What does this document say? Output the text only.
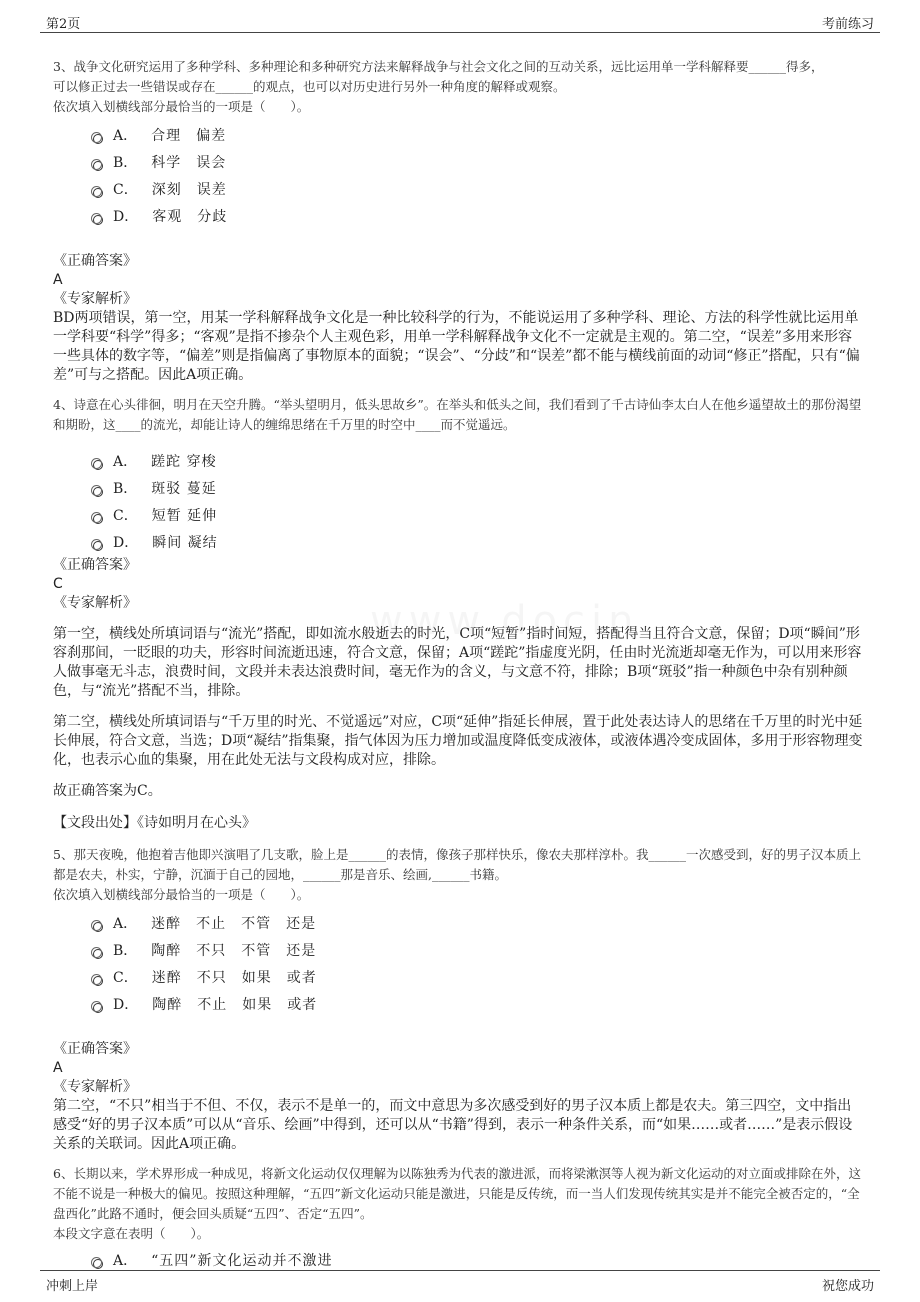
第2页	考前练习

3、战争文化研究运用了多种学科、多种理论和多种研究方法来解释战争与社会文化之间的互动关系，远比运用单一学科解释要______得多，
可以修正过去一些错误或存在______的观点，也可以对历史进行另外一种角度的解释或观察。

依次填入划横线部分最恰当的一项是（　　）。

A． 合理　偏差
B． 科学　误会
C． 深刻　误差
D． 客观　分歧

《正确答案》

A

《专家解析》

BD两项错误，第一空，用某一学科解释战争文化是一种比较科学的行为，不能说运用了多种学科、理论、方法的科学性就比运用单一学科要“科学”得多；“客观”是指不掺杂个人主观色彩，用单一学科解释战争文化不一定就是主观的。第二空，“误差”多用来形容一些具体的数字等，“偏差”则是指偏离了事物原本的面貌；“误会”、“分歧”和“误差”都不能与横线前面的动词“修正”搭配，只有“偏差”可与之搭配。因此A项正确。

4、诗意在心头徘徊，明月在天空升腾。“举头望明月，低头思故乡”。在举头和低头之间，我们看到了千古诗仙李太白人在他乡遥望故土的那份渴望和期盼，这____的流光，却能让诗人的缠绵思绪在千万里的时空中____而不觉遥远。

A． 蹉跎 穿梭
B． 斑驳 蔓延
C． 短暂 延伸
D． 瞬间 凝结

《正确答案》

C

《专家解析》

第一空，横线处所填词语与“流光”搭配，即如流水般逝去的时光，C项“短暂”指时间短，搭配得当且符合文意，保留；D项“瞬间”形容刹那间，一眨眼的功夫，形容时间流逝迅速，符合文意，保留；A项“蹉跎”指虚度光阴，任由时光流逝却毫无作为，可以用来形容人做事毫无斗志，浪费时间，文段并未表达浪费时间，毫无作为的含义，与文意不符，排除；B项“斑驳”指一种颜色中杂有别种颜色，与“流光”搭配不当，排除。

第二空，横线处所填词语与“千万里的时光、不觉遥远”对应，C项“延伸”指延长伸展，置于此处表达诗人的思绪在千万里的时光中延长伸展，符合文意，当选；D项“凝结”指集聚，指气体因为压力增加或温度降低变成液体，或液体遇冷变成固体，多用于形容物理变化，也表示心血的集聚，用在此处无法与文段构成对应，排除。

故正确答案为C。

【文段出处】《诗如明月在心头》

5、那天夜晚，他抱着吉他即兴演唱了几支歌，脸上是______的表情，像孩子那样快乐，像农夫那样淳朴。我______一次感受到，好的男子汉本质上都是农夫，朴实，宁静，沉湎于自己的园地，______那是音乐、绘画,______书籍。

依次填入划横线部分最恰当的一项是（　　）。

A． 迷醉　不止　不管　还是
B． 陶醉　不只　不管　还是
C． 迷醉　不只　如果　或者
D． 陶醉　不止　如果　或者

《正确答案》

A

《专家解析》

第二空，“不只”相当于不但、不仅，表示不是单一的，而文中意思为多次感受到好的男子汉本质上都是农夫。第三四空，文中指出感受“好的男子汉本质”可以从“音乐、绘画”中得到，还可以从“书籍”得到，表示一种条件关系，而“如果……或者……”是表示假设关系的关联词。因此A项正确。

6、长期以来，学术界形成一种成见，将新文化运动仅仅理解为以陈独秀为代表的激进派，而将梁漱溟等人视为新文化运动的对立面或排除在外，这不能不说是一种极大的偏见。按照这种理解，“五四”新文化运动只能是激进，只能是反传统，而一当人们发现传统其实是并不能完全被否定的，“全盘西化”此路不通时，便会回头质疑“五四”、否定“五四”。

本段文字意在表明（　　）。

A． “五四”新文化运动并不激进
冲刺上岸	祝您成功
